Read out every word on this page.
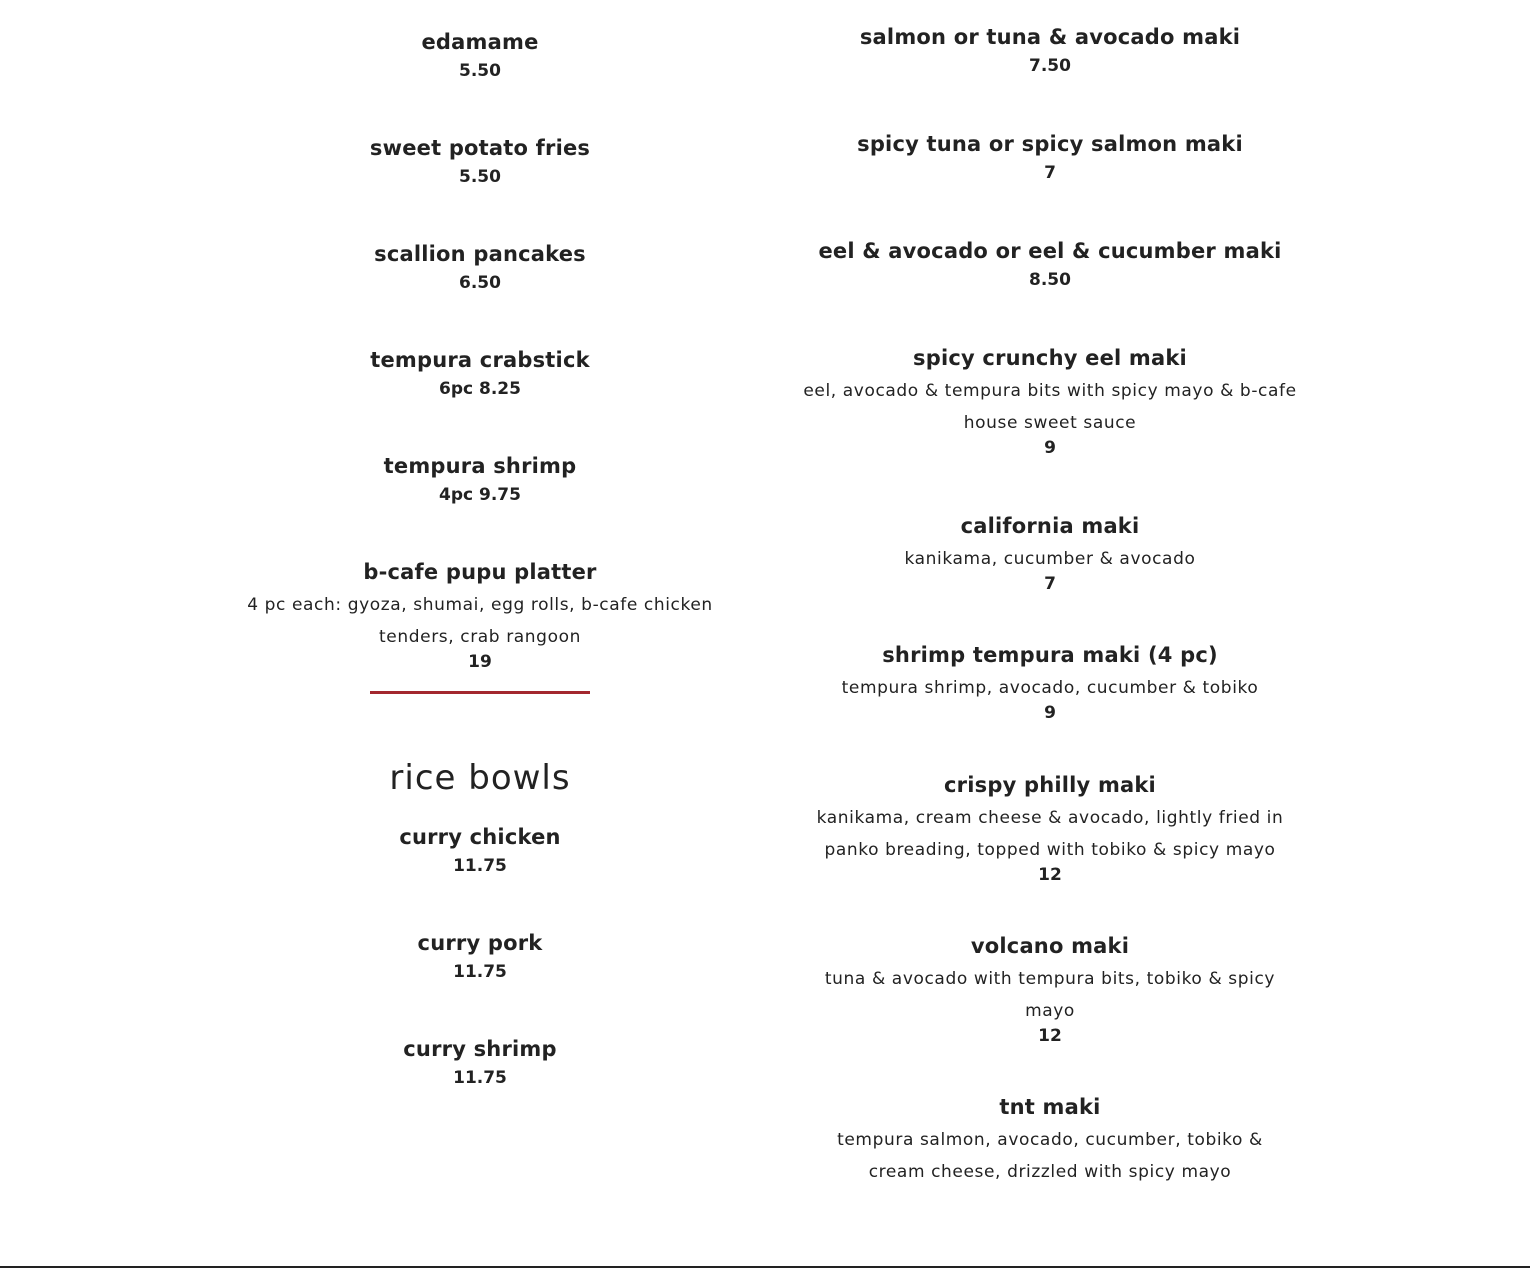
edamame
5.50
sweet potato fries
5.50
scallion pancakes
6.50
tempura crabstick
6pc 8.25
tempura shrimp
4pc 9.75
b-cafe pupu platter
4 pc each: gyoza, shumai, egg rolls, b-cafe chicken tenders, crab rangoon
19
rice bowls
curry chicken
11.75
curry pork
11.75
curry shrimp
11.75
salmon or tuna & avocado maki
7.50
spicy tuna or spicy salmon maki
7
eel & avocado or eel & cucumber maki
8.50
spicy crunchy eel maki
eel, avocado & tempura bits with spicy mayo & b-cafe house sweet sauce
9
california maki
kanikama, cucumber & avocado
7
shrimp tempura maki (4 pc)
tempura shrimp, avocado, cucumber & tobiko
9
crispy philly maki
kanikama, cream cheese & avocado, lightly fried in panko breading, topped with tobiko & spicy mayo
12
volcano maki
tuna & avocado with tempura bits, tobiko & spicy mayo
12
tnt maki
tempura salmon, avocado, cucumber, tobiko & cream cheese, drizzled with spicy mayo
